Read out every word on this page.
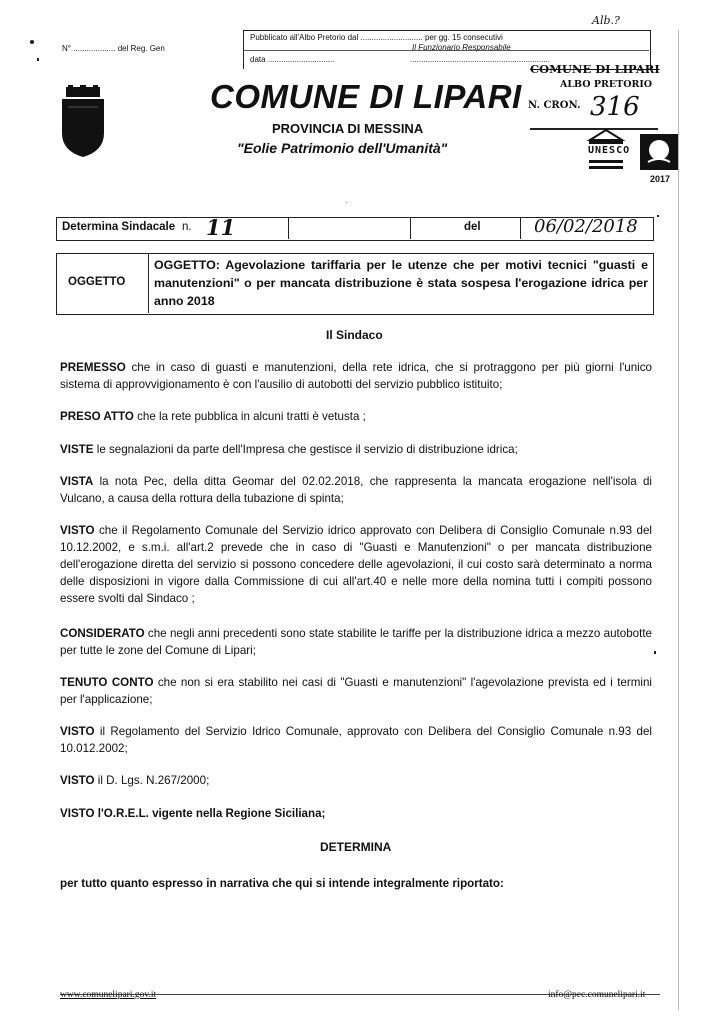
Alb.?
N° ................... del Reg. Gen
Pubblicato all'Albo Pretorio dal ............................ per gg. 15 consecutivi
Il Funzionario Responsabile
data ..............................	...............................................................
COMUNE DI LIPARI
ALBO PRETORIO
N. CRON. 316
COMUNE DI LIPARI
PROVINCIA DI MESSINA
"Eolie Patrimonio dell'Umanità"	UNESCO
2017
·
Determina Sindacale n. 11	del	06/02/2018
OGGETTO
OGGETTO: Agevolazione tariffaria per le utenze che per motivi tecnici "guasti e manutenzioni" o per mancata distribuzione è stata sospesa l'erogazione idrica per anno 2018
Il Sindaco
PREMESSO che in caso di guasti e manutenzioni, della rete idrica, che si protraggono per più giorni l'unico sistema di approvvigionamento è con l'ausilio di autobotti del servizio pubblico istituito;
PRESO ATTO che la rete pubblica in alcuni tratti è vetusta ;
VISTE le segnalazioni da parte dell'Impresa che gestisce il servizio di distribuzione idrica;
VISTA la nota Pec, della ditta Geomar del 02.02.2018, che rappresenta la mancata erogazione nell'isola di Vulcano, a causa della rottura della tubazione di spinta;
VISTO che il Regolamento Comunale del Servizio idrico approvato con Delibera di Consiglio Comunale n.93 del 10.12.2002, e s.m.i. all'art.2 prevede che in caso di "Guasti e Manutenzioni" o per mancata distribuzione dell'erogazione diretta del servizio si possono concedere delle agevolazioni, il cui costo sarà determinato a norma delle disposizioni in vigore dalla Commissione di cui all'art.40 e nelle more della nomina tutti i compiti possono essere svolti dal Sindaco ;
CONSIDERATO che negli anni precedenti sono state stabilite le tariffe per la distribuzione idrica a mezzo autobotte per tutte le zone del Comune di Lipari;
TENUTO CONTO che non si era stabilito nei casi di "Guasti e manutenzioni" l'agevolazione prevista ed i termini per l'applicazione;
VISTO il Regolamento del Servizio Idrico Comunale, approvato con Delibera del Consiglio Comunale n.93 del 10.012.2002;
VISTO il D. Lgs. N.267/2000;
VISTO l'O.R.E.L. vigente nella Regione Siciliana;
DETERMINA
per tutto quanto espresso in narrativa che qui si intende integralmente riportato:
www.comunelipari.gov.it	info@pec.comunelipari.it
